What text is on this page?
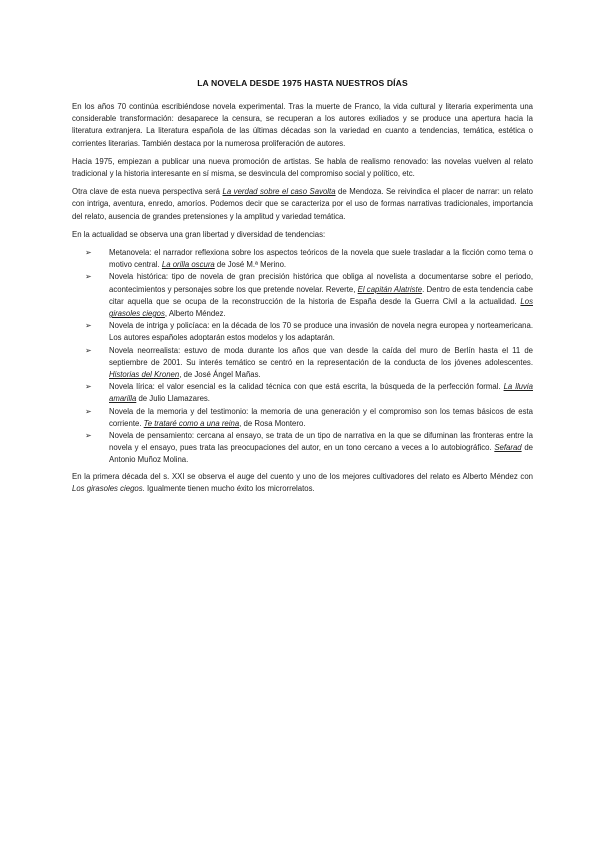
LA NOVELA DESDE 1975 HASTA NUESTROS DÍAS

En los años 70 continúa escribiéndose novela experimental. Tras la muerte de Franco, la vida cultural y literaria experimenta una considerable transformación: desaparece la censura, se recuperan a los autores exiliados y se produce una apertura hacia la literatura extranjera. La literatura española de las últimas décadas son la variedad en cuanto a tendencias, temática, estética o corrientes literarias. También destaca por la numerosa proliferación de autores.

Hacia 1975, empiezan a publicar una nueva promoción de artistas. Se habla de realismo renovado: las novelas vuelven al relato tradicional y la historia interesante en sí misma, se desvincula del compromiso social y político, etc.

Otra clave de esta nueva perspectiva será La verdad sobre el caso Savolta de Mendoza. Se reivindica el placer de narrar: un relato con intriga, aventura, enredo, amoríos. Podemos decir que se caracteriza por el uso de formas narrativas tradicionales, importancia del relato, ausencia de grandes pretensiones y la amplitud y variedad temática.

En la actualidad se observa una gran libertad y diversidad de tendencias:

➢ Metanovela: el narrador reflexiona sobre los aspectos teóricos de la novela que suele trasladar a la ficción como tema o motivo central. La orilla oscura de José M.ª Merino.
➢ Novela histórica: tipo de novela de gran precisión histórica que obliga al novelista a documentarse sobre el periodo, acontecimientos y personajes sobre los que pretende novelar. Reverte, El capitán Alatriste. Dentro de esta tendencia cabe citar aquella que se ocupa de la reconstrucción de la historia de España desde la Guerra Civil a la actualidad. Los girasoles ciegos, Alberto Méndez.
➢ Novela de intriga y policíaca: en la década de los 70 se produce una invasión de novela negra europea y norteamericana. Los autores españoles adoptarán estos modelos y los adaptarán.
➢ Novela neorrealista: estuvo de moda durante los años que van desde la caída del muro de Berlín hasta el 11 de septiembre de 2001. Su interés temático se centró en la representación de la conducta de los jóvenes adolescentes. Historias del Kronen, de José Ángel Mañas.
➢ Novela lírica: el valor esencial es la calidad técnica con que está escrita, la búsqueda de la perfección formal. La lluvia amarilla de Julio Llamazares.
➢ Novela de la memoria y del testimonio: la memoria de una generación y el compromiso son los temas básicos de esta corriente. Te trataré como a una reina, de Rosa Montero.
➢ Novela de pensamiento: cercana al ensayo, se trata de un tipo de narrativa en la que se difuminan las fronteras entre la novela y el ensayo, pues trata las preocupaciones del autor, en un tono cercano a veces a lo autobiográfico. Sefarad de Antonio Muñoz Molina.

En la primera década del s. XXI se observa el auge del cuento y uno de los mejores cultivadores del relato es Alberto Méndez con Los girasoles ciegos. Igualmente tienen mucho éxito los microrrelatos.
